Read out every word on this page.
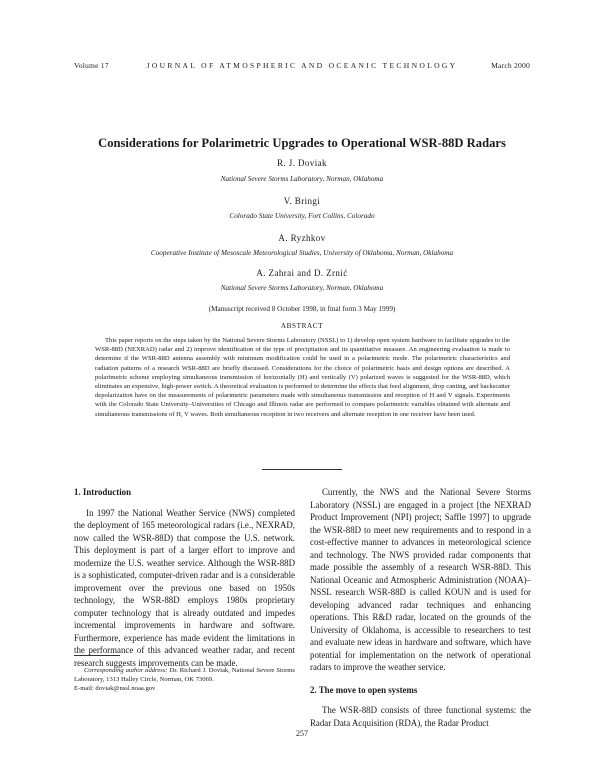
Volume 17	JOURNAL OF ATMOSPHERIC AND OCEANIC TECHNOLOGY	March 2000
Considerations for Polarimetric Upgrades to Operational WSR-88D Radars
R. J. Doviak
National Severe Storms Laboratory, Norman, Oklahoma
V. Bringi
Colorado State University, Fort Collins, Colorado
A. Ryzhkov
Cooperative Institute of Mesoscale Meteorological Studies, University of Oklahoma, Norman, Oklahoma
A. Zahrai and D. Zrnić
National Severe Storms Laboratory, Norman, Oklahoma
(Manuscript received 8 October 1998, in final form 3 May 1999)
ABSTRACT

This paper reports on the steps taken by the National Severe Storms Laboratory (NSSL) to 1) develop open system hardware to facilitate upgrades to the WSR-88D (NEXRAD) radar and 2) improve identification of the type of precipitation and its quantitative measure. An engineering evaluation is made to determine if the WSR-88D antenna assembly with minimum modification could be used in a polarimetric mode. The polarimetric characteristics and radiation patterns of a research WSR-88D are briefly discussed. Considerations for the choice of polarimetric basis and design options are described. A polarimetric scheme employing simultaneous transmission of horizontally (H) and vertically (V) polarized waves is suggested for the WSR-88D, which eliminates an expensive, high-power switch. A theoretical evaluation is performed to determine the effects that feed alignment, drop canting, and backscatter depolarization have on the measurements of polarimetric parameters made with simultaneous transmission and reception of H and V signals. Experiments with the Colorado State University–Universities of Chicago and Illinois radar are performed to compare polarimetric variables obtained with alternate and simultaneous transmissions of H, V waves. Both simultaneous reception in two receivers and alternate reception in one receiver have been used.

1. Introduction

In 1997 the National Weather Service (NWS) completed the deployment of 165 meteorological radars (i.e., NEXRAD, now called the WSR-88D) that compose the U.S. network. This deployment is part of a larger effort to improve and modernize the U.S. weather service. Although the WSR-88D is a sophisticated, computer-driven radar and is a considerable improvement over the previous one based on 1950s technology, the WSR-88D employs 1980s proprietary computer technology that is already outdated and impedes incremental improvements in hardware and software. Furthermore, experience has made evident the limitations in the performance of this advanced weather radar, and recent research suggests improvements can be made.

Currently, the NWS and the National Severe Storms Laboratory (NSSL) are engaged in a project [the NEXRAD Product Improvement (NPI) project; Saffle 1997] to upgrade the WSR-88D to meet new requirements and to respond in a cost-effective manner to advances in meteorological science and technology. The NWS provided radar components that made possible the assembly of a research WSR-88D. This National Oceanic and Atmospheric Administration (NOAA)–NSSL research WSR-88D is called KOUN and is used for developing advanced radar techniques and enhancing operations. This R&D radar, located on the grounds of the University of Oklahoma, is accessible to researchers to test and evaluate new ideas in hardware and software, which have potential for implementation on the network of operational radars to improve the weather service.

2. The move to open systems

The WSR-88D consists of three functional systems: the Radar Data Acquisition (RDA), the Radar Product

Corresponding author address: Dr. Richard J. Doviak, National Severe Storms Laboratory, 1313 Halley Circle, Norman, OK 73069.

E-mail: doviak@nssl.noaa.gov
257
